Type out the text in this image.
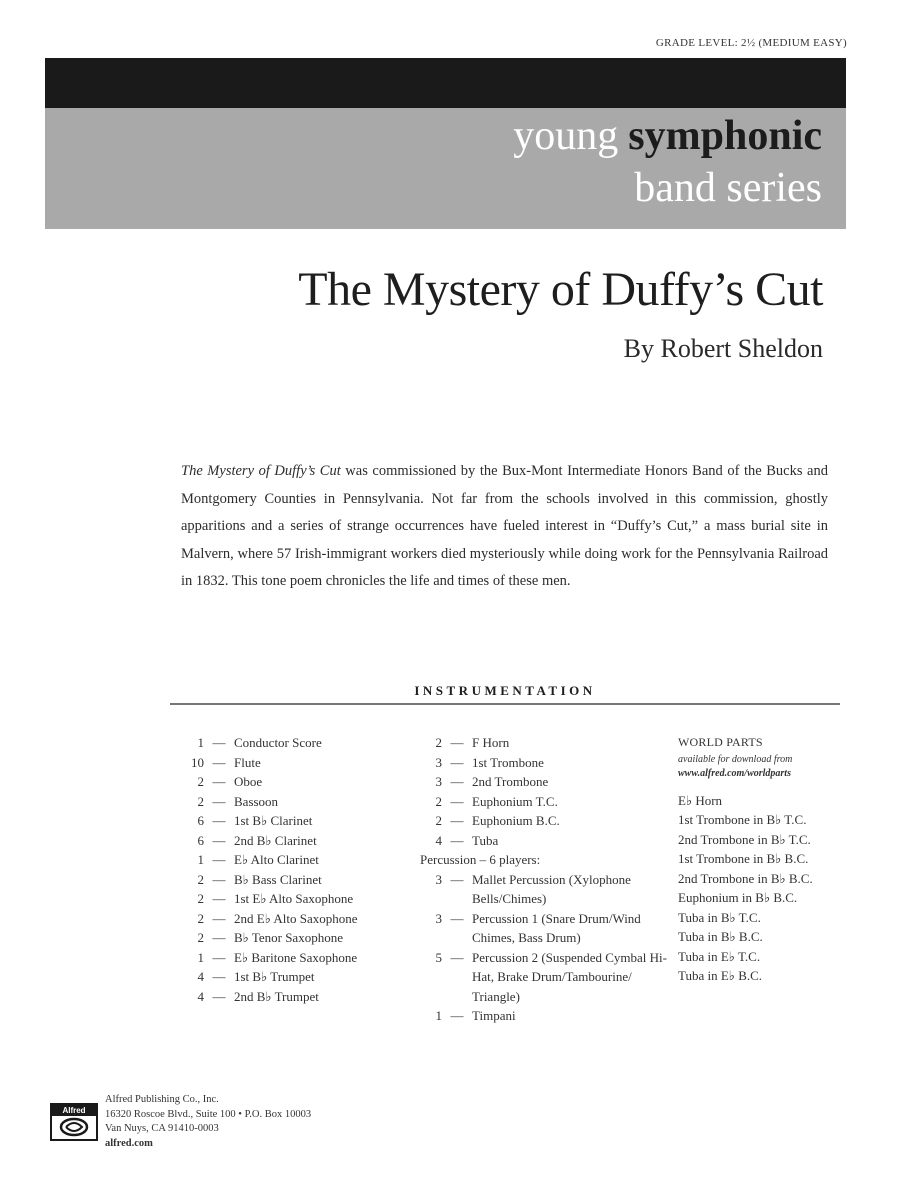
GRADE LEVEL: 2½ (MEDIUM EASY)
young symphonic
band series
The Mystery of Duffy’s Cut
By Robert Sheldon
The Mystery of Duffy’s Cut was commissioned by the Bux-Mont Intermediate Honors Band of the Bucks and Montgomery Counties in Pennsylvania. Not far from the schools involved in this commission, ghostly apparitions and a series of strange occurrences have fueled interest in “Duffy’s Cut,” a mass burial site in Malvern, where 57 Irish-immigrant workers died mysteriously while doing work for the Pennsylvania Railroad in 1832. This tone poem chronicles the life and times of these men.
INSTRUMENTATION
1 — Conductor Score
10 — Flute
2 — Oboe
2 — Bassoon
6 — 1st B♭ Clarinet
6 — 2nd B♭ Clarinet
1 — E♭ Alto Clarinet
2 — B♭ Bass Clarinet
2 — 1st E♭ Alto Saxophone
2 — 2nd E♭ Alto Saxophone
2 — B♭ Tenor Saxophone
1 — E♭ Baritone Saxophone
4 — 1st B♭ Trumpet
4 — 2nd B♭ Trumpet
2 — F Horn
3 — 1st Trombone
3 — 2nd Trombone
2 — Euphonium T.C.
2 — Euphonium B.C.
4 — Tuba
Percussion – 6 players:
3 — Mallet Percussion (Xylophone Bells/Chimes)
3 — Percussion 1 (Snare Drum/Wind Chimes, Bass Drum)
5 — Percussion 2 (Suspended Cymbal Hi-Hat, Brake Drum/Tambourine/ Triangle)
1 — Timpani
WORLD PARTS
available for download from
www.alfred.com/worldparts
E♭ Horn
1st Trombone in B♭ T.C.
2nd Trombone in B♭ T.C.
1st Trombone in B♭ B.C.
2nd Trombone in B♭ B.C.
Euphonium in B♭ B.C.
Tuba in B♭ T.C.
Tuba in B♭ B.C.
Tuba in E♭ T.C.
Tuba in E♭ B.C.
Alfred
Alfred Publishing Co., Inc.
16320 Roscoe Blvd., Suite 100 • P.O. Box 10003
Van Nuys, CA 91410-0003
alfred.com
